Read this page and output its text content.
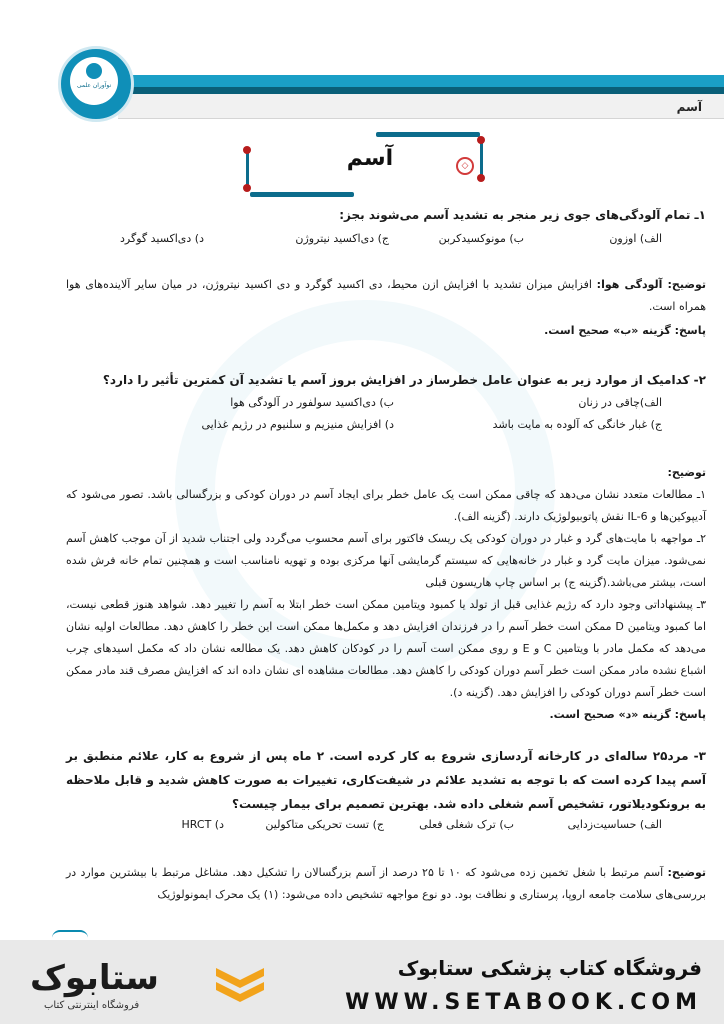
آسم
نوآوران علمی
آسم	◇
۱ـ تمام آلودگی‌های جوی زیر منجر به تشدید آسم می‌شوند بجز:
الف) اوزون
ب) مونوکسیدکربن
ج) دی‌اکسید نیتروژن
د) دی‌اکسید گوگرد
توضیح: آلودگی هوا: افزایش میزان تشدید با افزایش ازن محیط، دی اکسید گوگرد و دی اکسید نیتروژن، در میان سایر آلاینده‌های هوا همراه است.
پاسخ: گزینه «ب» صحیح است.
۲- کدامیک از موارد زیر به عنوان عامل خطرساز در افزایش بروز آسم یا تشدید آن کمترین تأثیر را دارد؟
الف)چاقی در زنان
ب) دی‌اکسید سولفور در آلودگی هوا
ج) غبار خانگی که آلوده به مایت باشد
د) افزایش منیزیم و سلنیوم در رژیم غذایی
توضیح:
۱ـ مطالعات متعدد نشان می‌دهد که چاقی ممکن است یک عامل خطر برای ایجاد آسم در دوران کودکی و بزرگسالی باشد. تصور می‌شود که آدیپوکین‌ها و IL-6 نقش پاتوبیولوژیک دارند. (گزینه الف).
۲ـ مواجهه با مایت‌های گرد و غبار در دوران کودکی یک ریسک فاکتور برای آسم محسوب می‌گردد ولی اجتناب شدید از آن موجب کاهش آسم نمی‌شود. میزان مایت گرد و غبار در خانه‌هایی که سیستم گرمایشی آنها مرکزی بوده و تهویه نامناسب است و همچنین تمام خانه فرش شده است، بیشتر می‌باشد.(گزینه ج) بر اساس چاپ هاریسون قبلی
۳ـ پیشنهاداتی وجود دارد که رژیم غذایی قبل از تولد یا کمبود ویتامین ممکن است خطر ابتلا به آسم را تغییر دهد. شواهد هنوز قطعی نیست، اما کمبود ویتامین D ممکن است خطر آسم را در فرزندان افزایش دهد و مکمل‌ها ممکن است این خطر را کاهش دهد. مطالعات اولیه نشان می‌دهد که مکمل مادر با ویتامین C و E و روی ممکن است آسم را در کودکان کاهش دهد. یک مطالعه نشان داد که مکمل اسیدهای چرب اشباع نشده مادر ممکن است خطر آسم دوران کودکی را کاهش دهد. مطالعات مشاهده ای نشان داده اند که افزایش مصرف قند مادر ممکن است خطر آسم دوران کودکی را افزایش دهد. (گزینه د).
پاسخ: گزینه «د» صحیح است.
۳- مرد۲۵ ساله‌ای در کارخانه آردسازی شروع به کار کرده است. ۲ ماه پس از شروع به کار، علائم منطبق بر آسم پیدا کرده است که با توجه به تشدید علائم در شیفت‌کاری، تغییرات به صورت کاهش شدید و قابل ملاحظه به برونکودیلاتور، تشخیص آسم شغلی داده شد. بهترین تصمیم برای بیمار چیست؟
الف) حساسیت‌زدایی
ب) ترک شغلی فعلی
ج) تست تحریکی متاکولین
د) HRCT
توضیح: آسم مرتبط با شغل تخمین زده می‌شود که ۱۰ تا ۲۵ درصد از آسم بزرگسالان را تشکیل دهد. مشاغل مرتبط با بیشترین موارد در بررسی‌های سلامت جامعه اروپا، پرستاری و نظافت بود. دو نوع مواجهه تشخیص داده می‌شود: (۱) یک محرک ایمونولوژیک
فروشگاه کتاب پزشکی ستابوک
WWW.SETABOOK.COM
ستابوک
فروشگاه اینترنتی کتاب
